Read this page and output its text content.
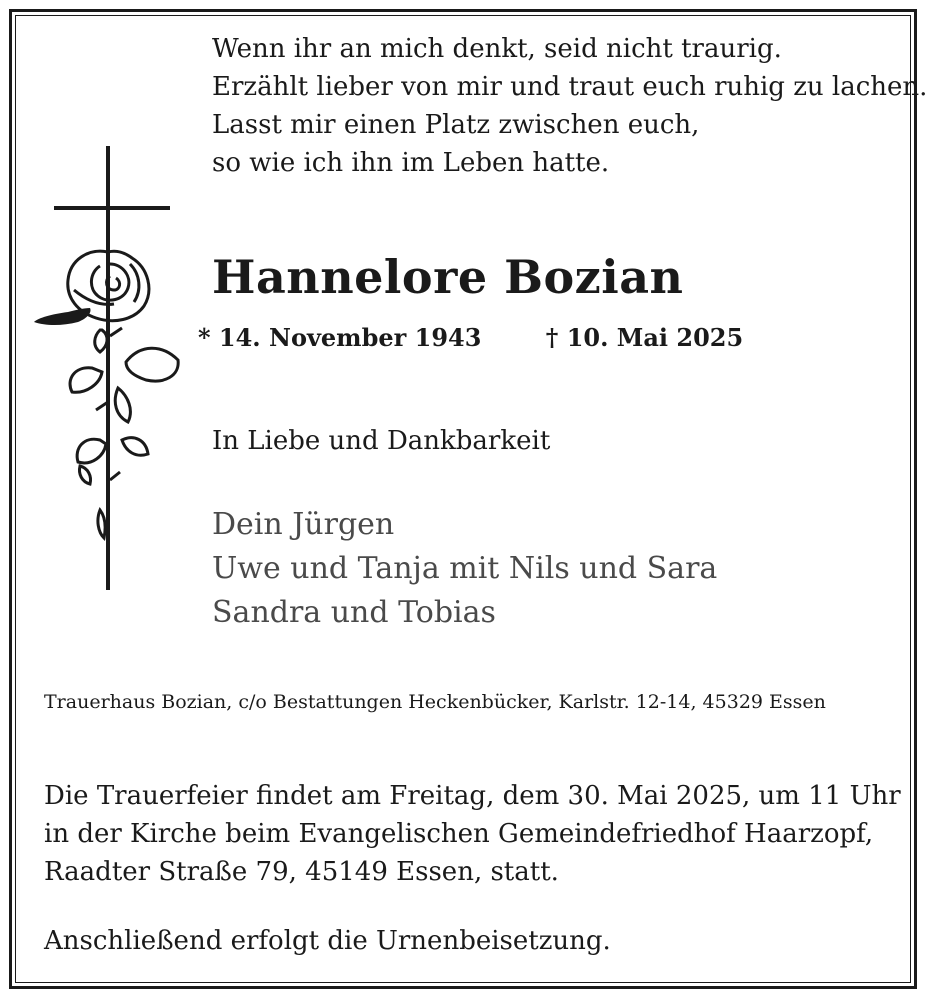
Wenn ihr an mich denkt, seid nicht traurig.
Erzählt lieber von mir und traut euch ruhig zu lachen.
Lasst mir einen Platz zwischen euch,
so wie ich ihn im Leben hatte.
Hannelore Bozian
* 14. November 1943	† 10. Mai 2025
In Liebe und Dankbarkeit
Dein Jürgen
Uwe und Tanja mit Nils und Sara
Sandra und Tobias
Trauerhaus Bozian, c/o Bestattungen Heckenbücker, Karlstr. 12-14, 45329 Essen
Die Trauerfeier findet am Freitag, dem 30. Mai 2025, um 11 Uhr
in der Kirche beim Evangelischen Gemeindefriedhof Haarzopf,
Raadter Straße 79, 45149 Essen, statt.
Anschließend erfolgt die Urnenbeisetzung.
